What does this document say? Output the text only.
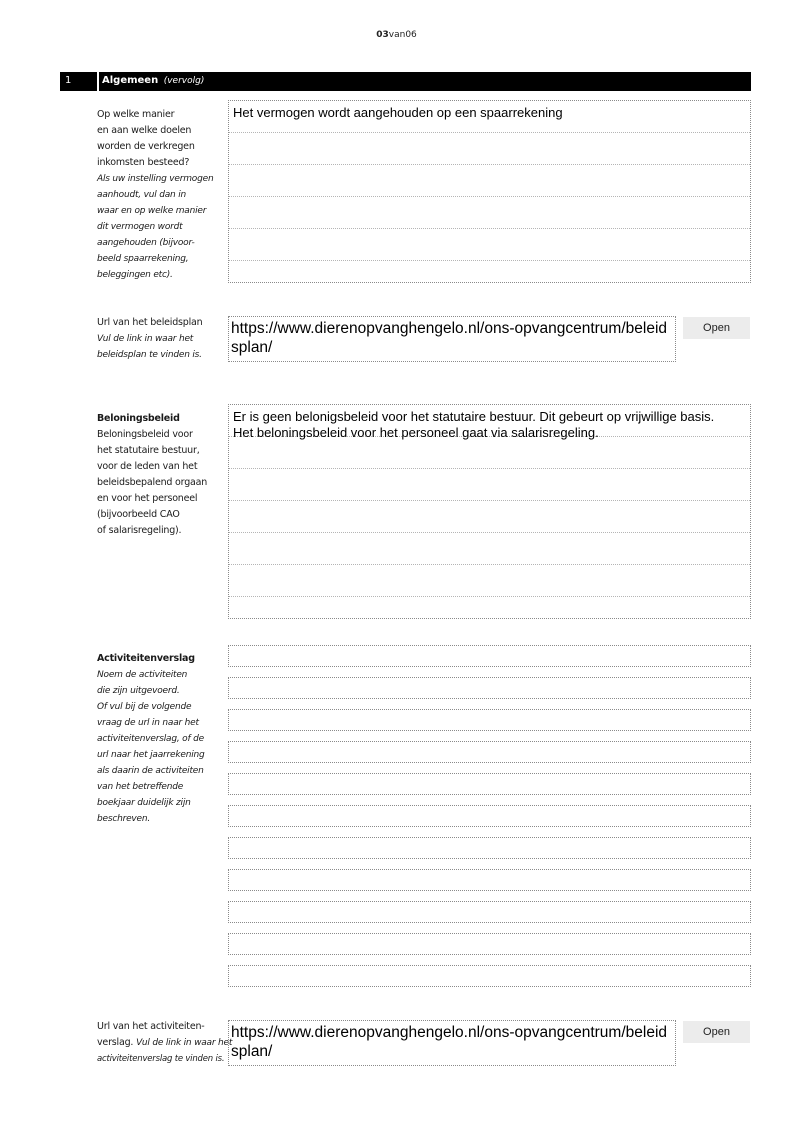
03van06
1	Algemeen (vervolg)
Op welke manier
en aan welke doelen
worden de verkregen
inkomsten besteed?
Als uw instelling vermogen
aanhoudt, vul dan in
waar en op welke manier
dit vermogen wordt
aangehouden (bijvoor-
beeld spaarrekening,
beleggingen etc).
Het vermogen wordt aangehouden op een spaarrekening
Url van het beleidsplan
Vul de link in waar het
beleidsplan te vinden is.
https://www.dierenopvanghengelo.nl/ons-opvangcentrum/beleidsplan/
Open
Beloningsbeleid
Beloningsbeleid voor
het statutaire bestuur,
voor de leden van het
beleidsbepalend orgaan
en voor het personeel
(bijvoorbeeld CAO
of salarisregeling).
Er is geen belonigsbeleid voor het statutaire bestuur. Dit gebeurt op vrijwillige basis.
Het beloningsbeleid voor het personeel gaat via salarisregeling.
Activiteitenverslag
Noem de activiteiten
die zijn uitgevoerd.
Of vul bij de volgende
vraag de url in naar het
activiteitenverslag, of de
url naar het jaarrekening
als daarin de activiteiten
van het betreffende
boekjaar duidelijk zijn
beschreven.
Url van het activiteiten-
verslag. Vul de link in waar het
activiteitenverslag te vinden is.
https://www.dierenopvanghengelo.nl/ons-opvangcentrum/beleidsplan/
Open
